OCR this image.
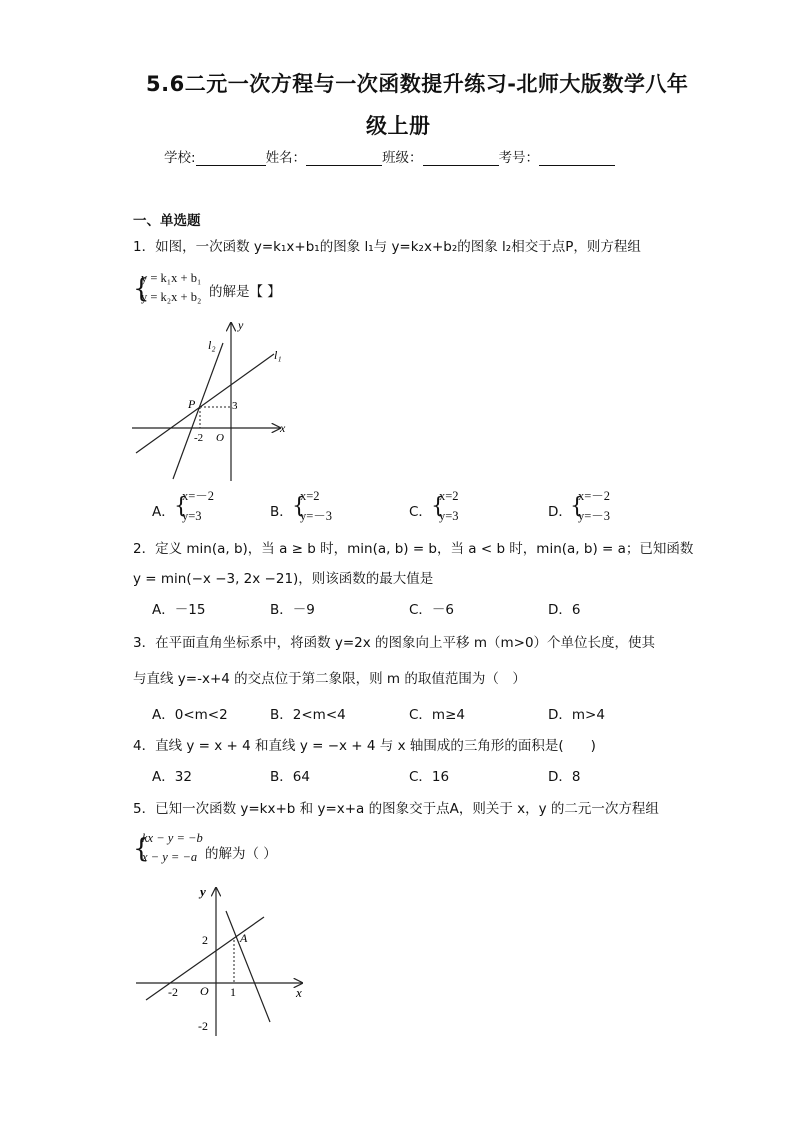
5.6二元一次方程与一次函数提升练习-北师大版数学八年
级上册
学校:	姓名：	班级：	考号：
一、单选题
1．如图，一次函数 y=k₁x+b₁的图象 l₁与 y=k₂x+b₂的图象 l₂相交于点P，则方程组
{
y = k₁x + b₁
y = k₂x + b₂ 的解是【 】
l₂
l₁
y
x
P	3
-2 O
A． {
x=－2
y=3	B． {
x=2
y=－3	C． {
x=2
y=3	D．
{
x=－2
y=－3
2．定义 min(a, b)，当 a ≥ b 时，min(a, b) = b，当 a < b 时，min(a, b) = a；已知函数
y = min(−x −3, 2x −21)，则该函数的最大值是
A．－15	B．－9	C．－6	D．6
3．在平面直角坐标系中，将函数 y=2x 的图象向上平移 m（m>0）个单位长度，使其
与直线 y=-x+4 的交点位于第二象限，则 m 的取值范围为（　）
A．0<m<2	B．2<m<4	C．m≥4	D．m>4
4．直线 y = x + 4 和直线 y = −x + 4 与 x 轴围成的三角形的面积是(　　)
A．32	B．64	C．16	D．8
5．已知一次函数 y=kx+b 和 y=x+a 的图象交于点A，则关于 x，y 的二元一次方程组
{
kx − y = −b
x − y = −a 的解为（ ）
y
x
2	A
-2 O 1
-2
